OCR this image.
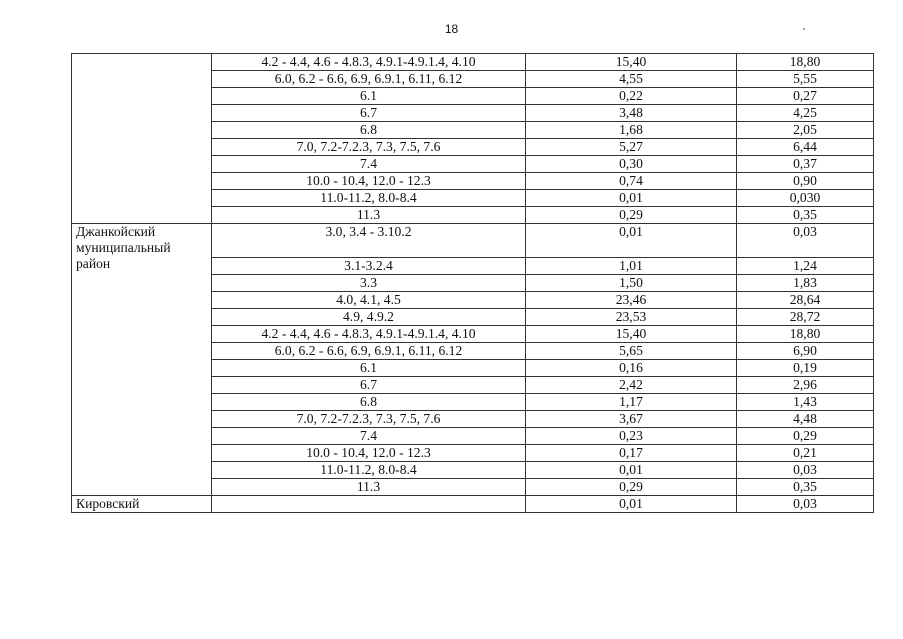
18
	4.2 - 4.4, 4.6 - 4.8.3, 4.9.1-4.9.1.4, 4.10	15,40	18,80
	6.0, 6.2 - 6.6, 6.9, 6.9.1, 6.11, 6.12	4,55	5,55
	6.1	0,22	0,27
	6.7	3,48	4,25
	6.8	1,68	2,05
	7.0, 7.2-7.2.3, 7.3, 7.5, 7.6	5,27	6,44
	7.4	0,30	0,37
	10.0 - 10.4, 12.0 - 12.3	0,74	0,90
	11.0-11.2, 8.0-8.4	0,01	0,030
	11.3	0,29	0,35
Джанкойский муниципальный район	3.0, 3.4 - 3.10.2	0,01	0,03
	3.1-3.2.4	1,01	1,24
	3.3	1,50	1,83
	4.0, 4.1, 4.5	23,46	28,64
	4.9, 4.9.2	23,53	28,72
	4.2 - 4.4, 4.6 - 4.8.3, 4.9.1-4.9.1.4, 4.10	15,40	18,80
	6.0, 6.2 - 6.6, 6.9, 6.9.1, 6.11, 6.12	5,65	6,90
	6.1	0,16	0,19
	6.7	2,42	2,96
	6.8	1,17	1,43
	7.0, 7.2-7.2.3, 7.3, 7.5, 7.6	3,67	4,48
	7.4	0,23	0,29
	10.0 - 10.4, 12.0 - 12.3	0,17	0,21
	11.0-11.2, 8.0-8.4	0,01	0,03
	11.3	0,29	0,35
Кировский		0,01	0,03
